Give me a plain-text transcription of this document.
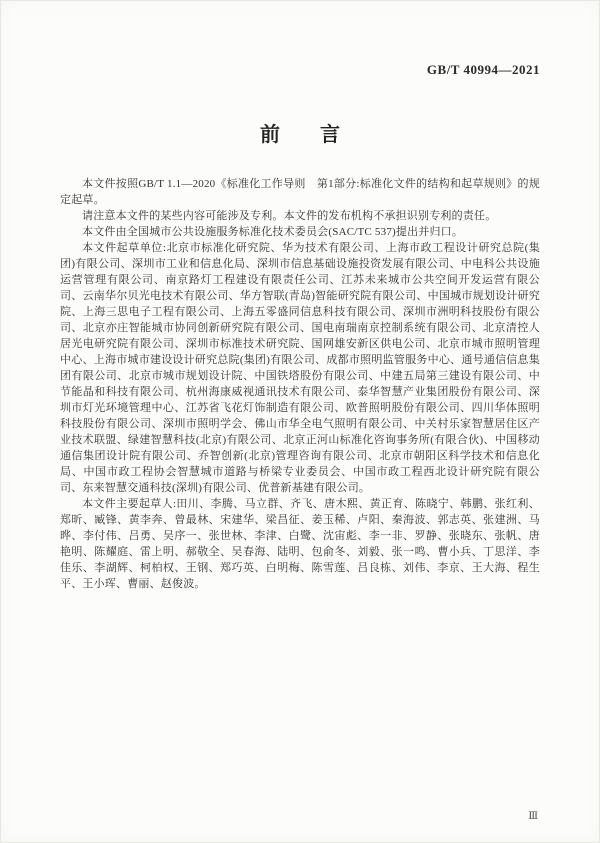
GB/T 40994—2021
前　　言

本文件按照GB/T 1.1—2020《标准化工作导则　第1部分:标准化文件的结构和起草规则》的规定起草。

请注意本文件的某些内容可能涉及专利。本文件的发布机构不承担识别专利的责任。

本文件由全国城市公共设施服务标准化技术委员会(SAC/TC 537)提出并归口。

本文件起草单位:北京市标准化研究院、华为技术有限公司、上海市政工程设计研究总院(集团)有限公司、深圳市工业和信息化局、深圳市信息基础设施投资发展有限公司、中电科公共设施运营管理有限公司、南京路灯工程建设有限责任公司、江苏未来城市公共空间开发运营有限公司、云南华尔贝光电技术有限公司、华方智联(青岛)智能研究院有限公司、中国城市规划设计研究院、上海三思电子工程有限公司、上海五零盛同信息科技有限公司、深圳市洲明科技股份有限公司、北京亦庄智能城市协同创新研究院有限公司、国电南瑞南京控制系统有限公司、北京清控人居光电研究院有限公司、深圳市标准技术研究院、国网雄安新区供电公司、北京市城市照明管理中心、上海市城市建设设计研究总院(集团)有限公司、成都市照明监管服务中心、通号通信信息集团有限公司、北京市城市规划设计院、中国铁塔股份有限公司、中建五局第三建设有限公司、中节能晶和科技有限公司、杭州海康威视通讯技术有限公司、泰华智慧产业集团股份有限公司、深圳市灯光环境管理中心、江苏省飞花灯饰制造有限公司、欧普照明股份有限公司、四川华体照明科技股份有限公司、深圳市照明学会、佛山市华全电气照明有限公司、中关村乐家智慧居住区产业技术联盟、绿建智慧科技(北京)有限公司、北京正河山标准化咨询事务所(有限合伙)、中国移动通信集团设计院有限公司、乔智创新(北京)管理咨询有限公司、北京市朝阳区科学技术和信息化局、中国市政工程协会智慧城市道路与桥梁专业委员会、中国市政工程西北设计研究院有限公司、东来智慧交通科技(深圳)有限公司、优普新基建有限公司。

本文件主要起草人:田川、李腾、马立群、齐飞、唐木熙、黄正育、陈晓宁、韩鹏、张红利、郑昕、臧锋、黄李奔、曾最林、宋建华、梁昌征、姜玉稀、卢阳、秦海波、郭志英、张建洲、马晔、李付伟、吕勇、吴序一、张世林、李津、白鹭、沈宙彪、李一非、罗静、张晓东、张帆、唐艳明、陈耀庭、雷上明、郝敬全、吴春海、陆明、包俞冬、刘毅、张一鸣、曹小兵、丁思洋、李佳乐、李湖辉、柯柏权、王钢、郑巧英、白明梅、陈雪莲、吕良栋、刘伟、李京、王大海、程生平、王小珲、曹丽、赵俊波。

Ⅲ
